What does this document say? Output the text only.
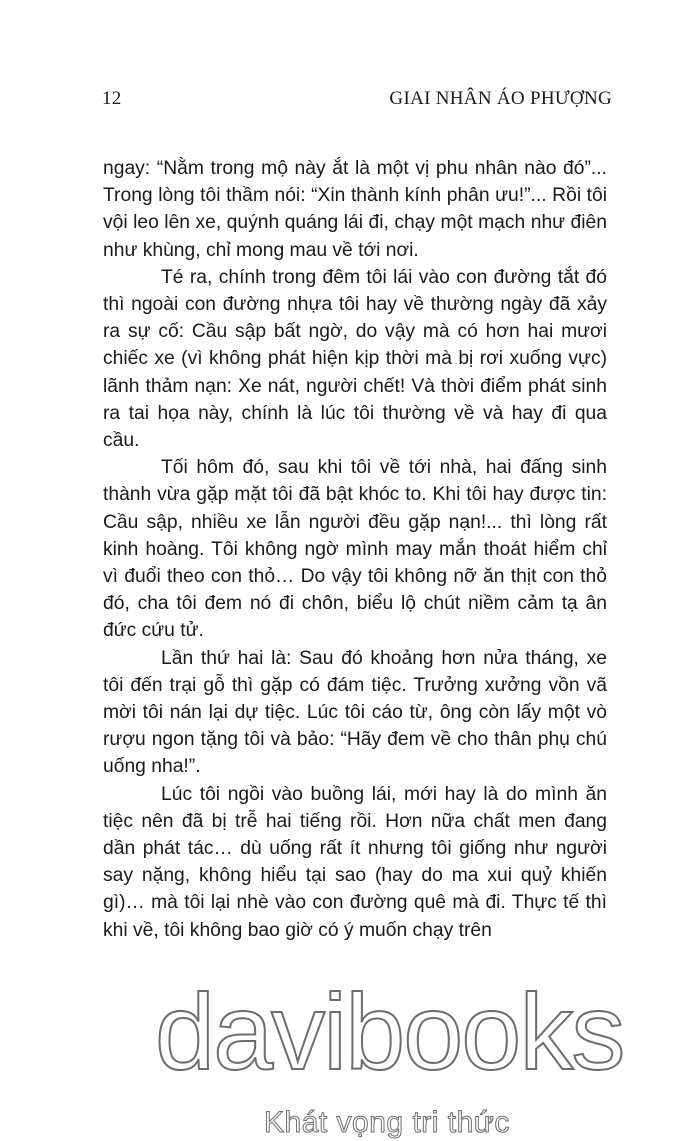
12	GIAI NHÂN ÁO PHƯỢNG

ngay: “Nằm trong mộ này ắt là một vị phu nhân nào đó”... Trong lòng tôi thầm nói: “Xin thành kính phân ưu!”... Rồi tôi vội leo lên xe, quýnh quáng lái đi, chạy một mạch như điên như khùng, chỉ mong mau về tới nơi.

Té ra, chính trong đêm tôi lái vào con đường tắt đó thì ngoài con đường nhựa tôi hay về thường ngày đã xảy ra sự cố: Cầu sập bất ngờ, do vậy mà có hơn hai mươi chiếc xe (vì không phát hiện kịp thời mà bị rơi xuống vực) lãnh thảm nạn: Xe nát, người chết! Và thời điểm phát sinh ra tai họa này, chính là lúc tôi thường về và hay đi qua cầu.

Tối hôm đó, sau khi tôi về tới nhà, hai đấng sinh thành vừa gặp mặt tôi đã bật khóc to. Khi tôi hay được tin: Cầu sập, nhiều xe lẫn người đều gặp nạn!... thì lòng rất kinh hoàng. Tôi không ngờ mình may mắn thoát hiểm chỉ vì đuổi theo con thỏ… Do vậy tôi không nỡ ăn thịt con thỏ đó, cha tôi đem nó đi chôn, biểu lộ chút niềm cảm tạ ân đức cứu tử.

Lần thứ hai là: Sau đó khoảng hơn nửa tháng, xe tôi đến trại gỗ thì gặp có đám tiệc. Trưởng xưởng vồn vã mời tôi nán lại dự tiệc. Lúc tôi cáo từ, ông còn lấy một vò rượu ngon tặng tôi và bảo: “Hãy đem về cho thân phụ chú uống nha!”.

Lúc tôi ngồi vào buồng lái, mới hay là do mình ăn tiệc nên đã bị trễ hai tiếng rồi. Hơn nữa chất men đang dần phát tác… dù uống rất ít nhưng tôi giống như người say nặng, không hiểu tại sao (hay do ma xui quỷ khiến gì)… mà tôi lại nhè vào con đường quê mà đi. Thực tế thì khi về, tôi không bao giờ có ý muốn chạy trên

davibooks
Khát vọng tri thức
